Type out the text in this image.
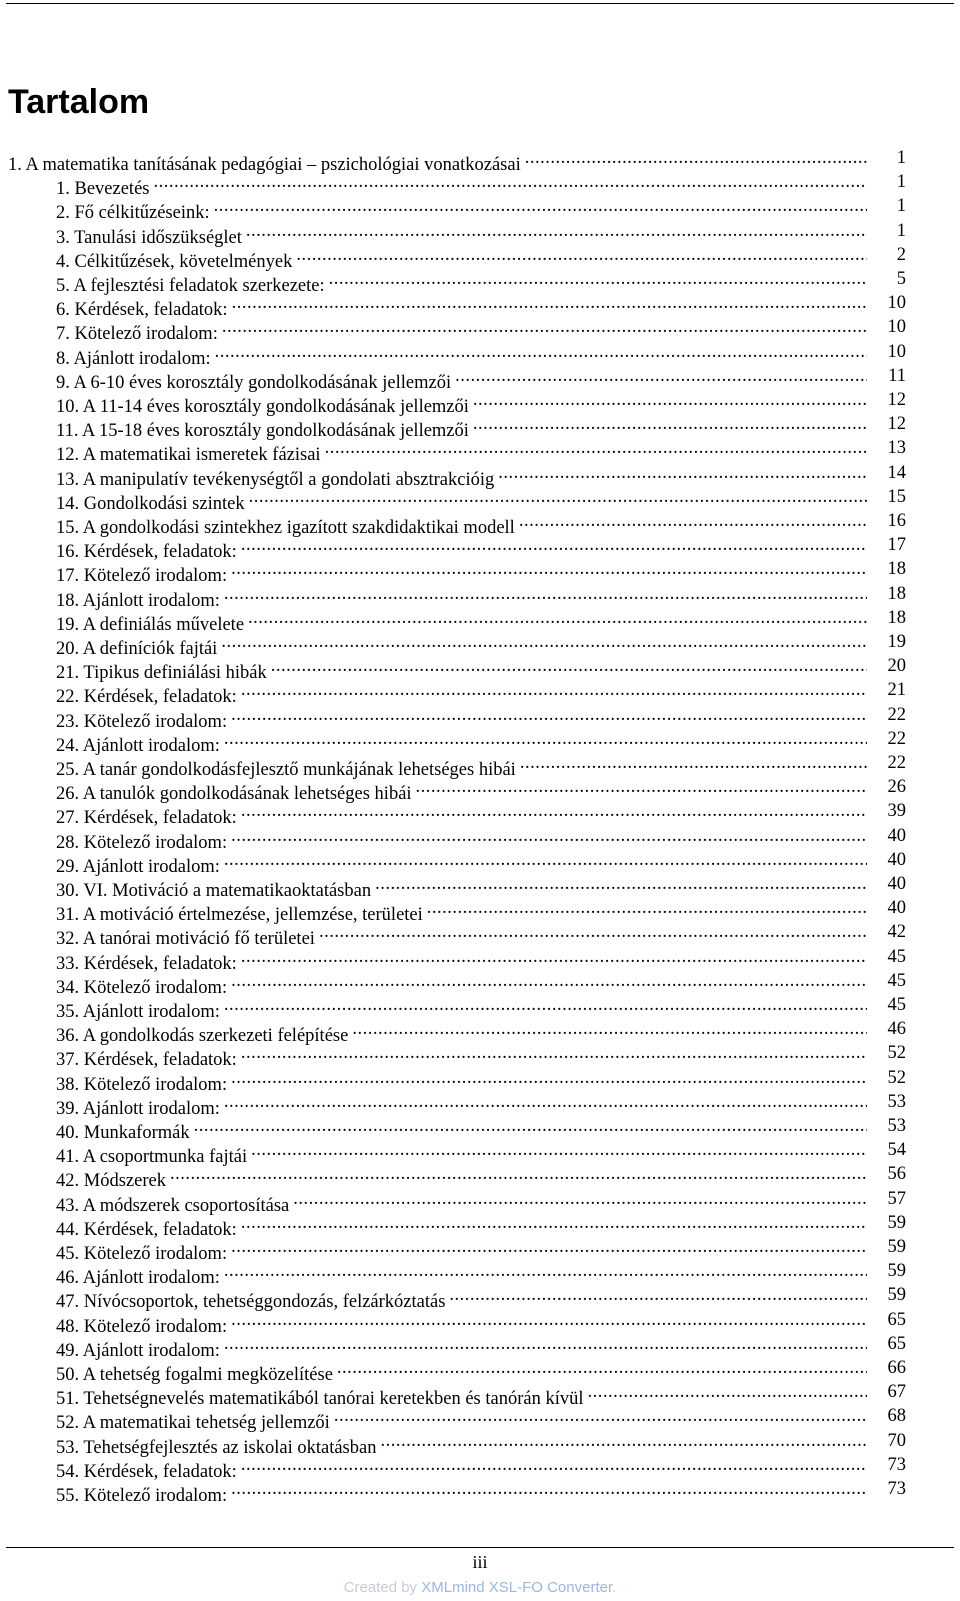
Tartalom
1. A matematika tanításának pedagógiai – pszichológiai vonatkozásai .....	1
1. Bevezetés .....	1
2. Fő célkitűzéseink: .....	1
3. Tanulási időszükséglet .....	1
4. Célkitűzések, követelmények .....	2
5. A fejlesztési feladatok szerkezete: .....	5
6. Kérdések, feladatok: .....	10
7. Kötelező irodalom: .....	10
8. Ajánlott irodalom: .....	10
9. A 6-10 éves korosztály gondolkodásának jellemzői .....	11
10. A 11-14 éves korosztály gondolkodásának jellemzői .....	12
11. A 15-18 éves korosztály gondolkodásának jellemzői .....	12
12. A matematikai ismeretek fázisai .....	13
13. A manipulatív tevékenységtől a gondolati absztrakcióig .....	14
14. Gondolkodási szintek .....	15
15. A gondolkodási szintekhez igazított szakdidaktikai modell .....	16
16. Kérdések, feladatok: .....	17
17. Kötelező irodalom: .....	18
18. Ajánlott irodalom: .....	18
19. A definiálás művelete .....	18
20. A definíciók fajtái .....	19
21. Tipikus definiálási hibák .....	20
22. Kérdések, feladatok: .....	21
23. Kötelező irodalom: .....	22
24. Ajánlott irodalom: .....	22
25. A tanár gondolkodásfejlesztő munkájának lehetséges hibái .....	22
26. A tanulók gondolkodásának lehetséges hibái .....	26
27. Kérdések, feladatok: .....	39
28. Kötelező irodalom: .....	40
29. Ajánlott irodalom: .....	40
30. VI. Motiváció a matematikaoktatásban .....	40
31. A motiváció értelmezése, jellemzése, területei .....	40
32. A tanórai motiváció fő területei .....	42
33. Kérdések, feladatok: .....	45
34. Kötelező irodalom: .....	45
35. Ajánlott irodalom: .....	45
36. A gondolkodás szerkezeti felépítése .....	46
37. Kérdések, feladatok: .....	52
38. Kötelező irodalom: .....	52
39. Ajánlott irodalom: .....	53
40. Munkaformák .....	53
41. A csoportmunka fajtái .....	54
42. Módszerek .....	56
43. A módszerek csoportosítása .....	57
44. Kérdések, feladatok: .....	59
45. Kötelező irodalom: .....	59
46. Ajánlott irodalom: .....	59
47. Nívócsoportok, tehetséggondozás, felzárkóztatás .....	59
48. Kötelező irodalom: .....	65
49. Ajánlott irodalom: .....	65
50. A tehetség fogalmi megközelítése .....	66
51. Tehetségnevelés matematikából tanórai keretekben és tanórán kívül .....	67
52. A matematikai tehetség jellemzői .....	68
53. Tehetségfejlesztés az iskolai oktatásban .....	70
54. Kérdések, feladatok: .....	73
55. Kötelező irodalom: .....	73
iii
Created by XMLmind XSL-FO Converter.
